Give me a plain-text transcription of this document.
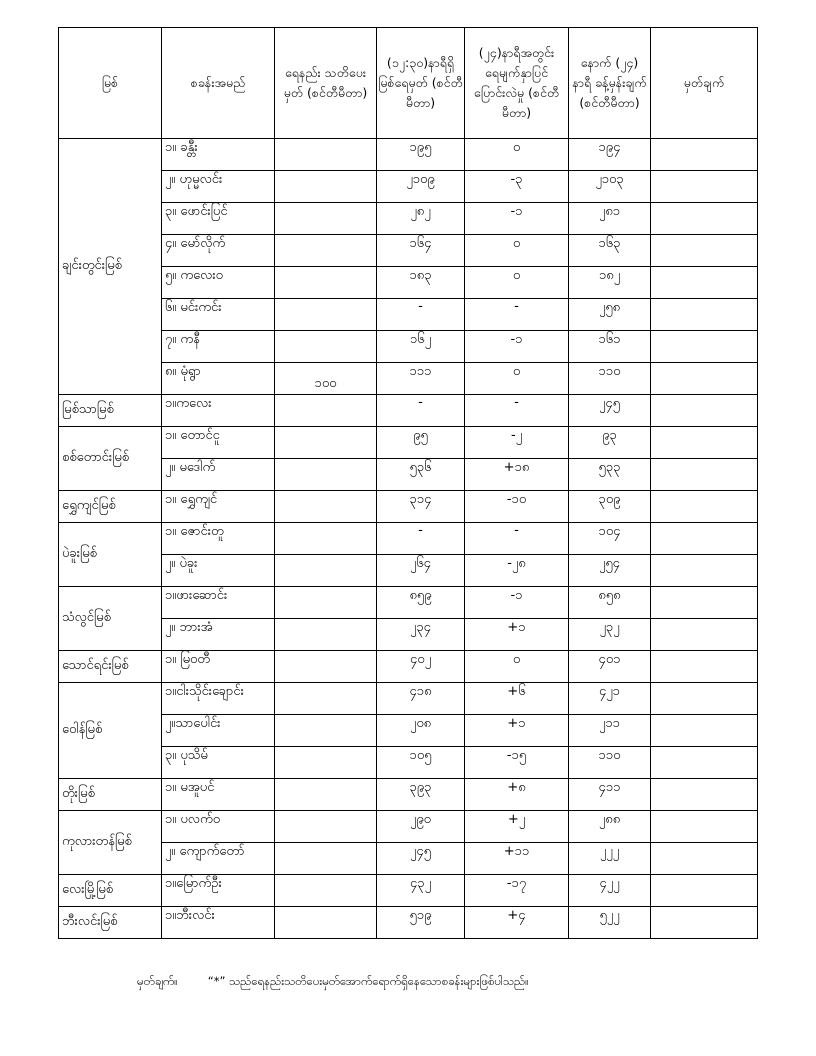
မြစ်	စခန်းအမည်	ရေနည်း သတိပေးမှတ် (စင်တီမီတာ)	(၁၂:၃၀)နာရီရှိ မြစ်ရေမှတ် (စင်တီမီတာ)	(၂၄)နာရီအတွင်း ရေမျက်နှာပြင် ပြောင်းလဲမှု (စင်တီမီတာ)	နောက် (၂၄) နာရီ ခန့်မှန်းချက် (စင်တီမီတာ)	မှတ်ချက်
ချင်းတွင်းမြစ်	၁။ ခန္တီး		၁၉၅	၀	၁၉၄	
	၂။ ဟုမ္မလင်း		၂၁၀၉	-၃	၂၁၀၃	
	၃။ ဖောင်းပြင်		၂၈၂	-၁	၂၈၁	
	၄။ မော်လိုက်		၁၆၄	၀	၁၆၃	
	၅။ ကလေးဝ		၁၈၃	၀	၁၈၂	
	၆။ မင်းကင်း		-	-	၂၅၈	
	၇။ ကနီ		၁၆၂	-၁	၁၆၁	
	၈။ မုံရွာ	၁၀၀	၁၁၁	၀	၁၁၀	
မြစ်သာမြစ်	၁။ကလေး		-	-	၂၄၅	
စစ်တောင်းမြစ်	၁။ တောင်ငူ		၉၅	-၂	၉၃	
	၂။ မဒေါက်		၅၃၆	+၁၈	၅၃၃	
ရွှေကျင်မြစ်	၁။ ရွှေကျင်		၃၁၄	-၁၀	၃၀၉	
ပဲခူးမြစ်	၁။ ဇောင်းတူ		-	-	၁၀၄	
	၂။ ပဲခူး		၂၆၄	-၂၈	၂၅၄	
သံလွင်မြစ်	၁။ဖားဆောင်း		၈၅၉	-၁	၈၅၈	
	၂။ ဘားအံ		၂၃၄	+၁	၂၃၂	
သောင်ရင်းမြစ်	၁။ မြဝတီ		၄၀၂	၀	၄၀၁	
ဝေါန်မြစ်	၁။ငါးသိုင်းချောင်း		၄၁၈	+၆	၄၂၁	
	၂။သာပေါင်း		၂၀၈	+၁	၂၁၁	
	၃။ ပုသိမ်		၁၀၅	-၁၅	၁၁၀	
တိုးမြစ်	၁။ မအူပင်		၃၉၃	+၈	၄၁၁	
ကုလားတန်မြစ်	၁။ ပလက်ဝ		၂၉၀	+၂	၂၈၈	
	၂။ ကျောက်တော်		၂၄၅	+၁၁	၂၂၂	
လေးမြို့မြစ်	၁။မြောက်ဦး		၄၃၂	-၁၇	၄၂၂	
ဘီးလင်းမြစ်	၁။ဘီးလင်း		၅၁၉	+၄	၅၂၂	
မှတ်ချက်။	“*” သည်ရေနည်းသတိပေးမှတ်အောက်ရောက်ရှိနေသောစခန်းများဖြစ်ပါသည်။
